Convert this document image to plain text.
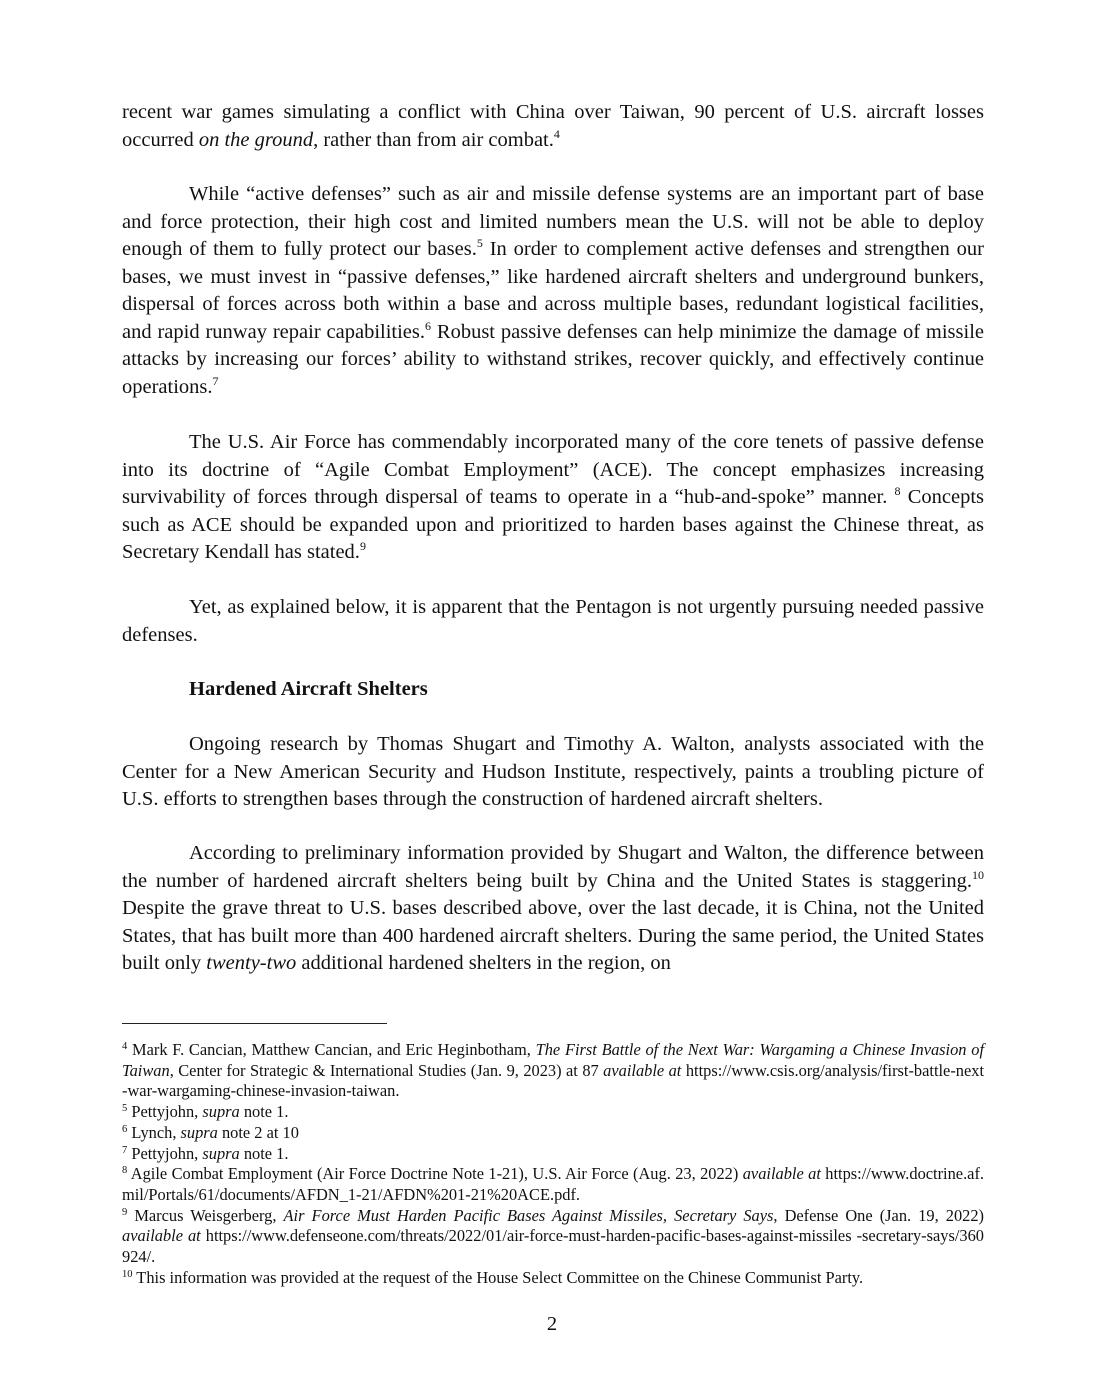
recent war games simulating a conflict with China over Taiwan, 90 percent of U.S. aircraft losses occurred on the ground, rather than from air combat.$^4$

While “active defenses” such as air and missile defense systems are an important part of base and force protection, their high cost and limited numbers mean the U.S. will not be able to deploy enough of them to fully protect our bases.$^5$ In order to complement active defenses and strengthen our bases, we must invest in “passive defenses,” like hardened aircraft shelters and underground bunkers, dispersal of forces across both within a base and across multiple bases, redundant logistical facilities, and rapid runway repair capabilities.$^6$ Robust passive defenses can help minimize the damage of missile attacks by increasing our forces’ ability to withstand strikes, recover quickly, and effectively continue operations.$^7$

The U.S. Air Force has commendably incorporated many of the core tenets of passive defense into its doctrine of “Agile Combat Employment” (ACE). The concept emphasizes increasing survivability of forces through dispersal of teams to operate in a “hub-and-spoke” manner. $^8$ Concepts such as ACE should be expanded upon and prioritized to harden bases against the Chinese threat, as Secretary Kendall has stated.$^9$

Yet, as explained below, it is apparent that the Pentagon is not urgently pursuing needed passive defenses.

Hardened Aircraft Shelters

Ongoing research by Thomas Shugart and Timothy A. Walton, analysts associated with the Center for a New American Security and Hudson Institute, respectively, paints a troubling picture of U.S. efforts to strengthen bases through the construction of hardened aircraft shelters.

According to preliminary information provided by Shugart and Walton, the difference between the number of hardened aircraft shelters being built by China and the United States is staggering.$^{10}$ Despite the grave threat to U.S. bases described above, over the last decade, it is China, not the United States, that has built more than 400 hardened aircraft shelters. During the same period, the United States built only twenty-two additional hardened shelters in the region, on

$^4$ Mark F. Cancian, Matthew Cancian, and Eric Heginbotham, The First Battle of the Next War: Wargaming a Chinese Invasion of Taiwan, Center for Strategic & International Studies (Jan. 9, 2023) at 87 available at https://www.csis.org/analysis/first-battle-next-war-wargaming-chinese-invasion-taiwan.

$^5$ Pettyjohn, supra note 1.

$^6$ Lynch, supra note 2 at 10

$^7$ Pettyjohn, supra note 1.

$^8$ Agile Combat Employment (Air Force Doctrine Note 1-21), U.S. Air Force (Aug. 23, 2022) available at https://www.doctrine.af.mil/Portals/61/documents/AFDN_1-21/AFDN%201-21%20ACE.pdf.

$^9$ Marcus Weisgerberg, Air Force Must Harden Pacific Bases Against Missiles, Secretary Says, Defense One (Jan. 19, 2022) available at https://www.defenseone.com/threats/2022/01/air-force-must-harden-pacific-bases-against-missiles -secretary-says/360924/.

$^{10}$ This information was provided at the request of the House Select Committee on the Chinese Communist Party.

2
